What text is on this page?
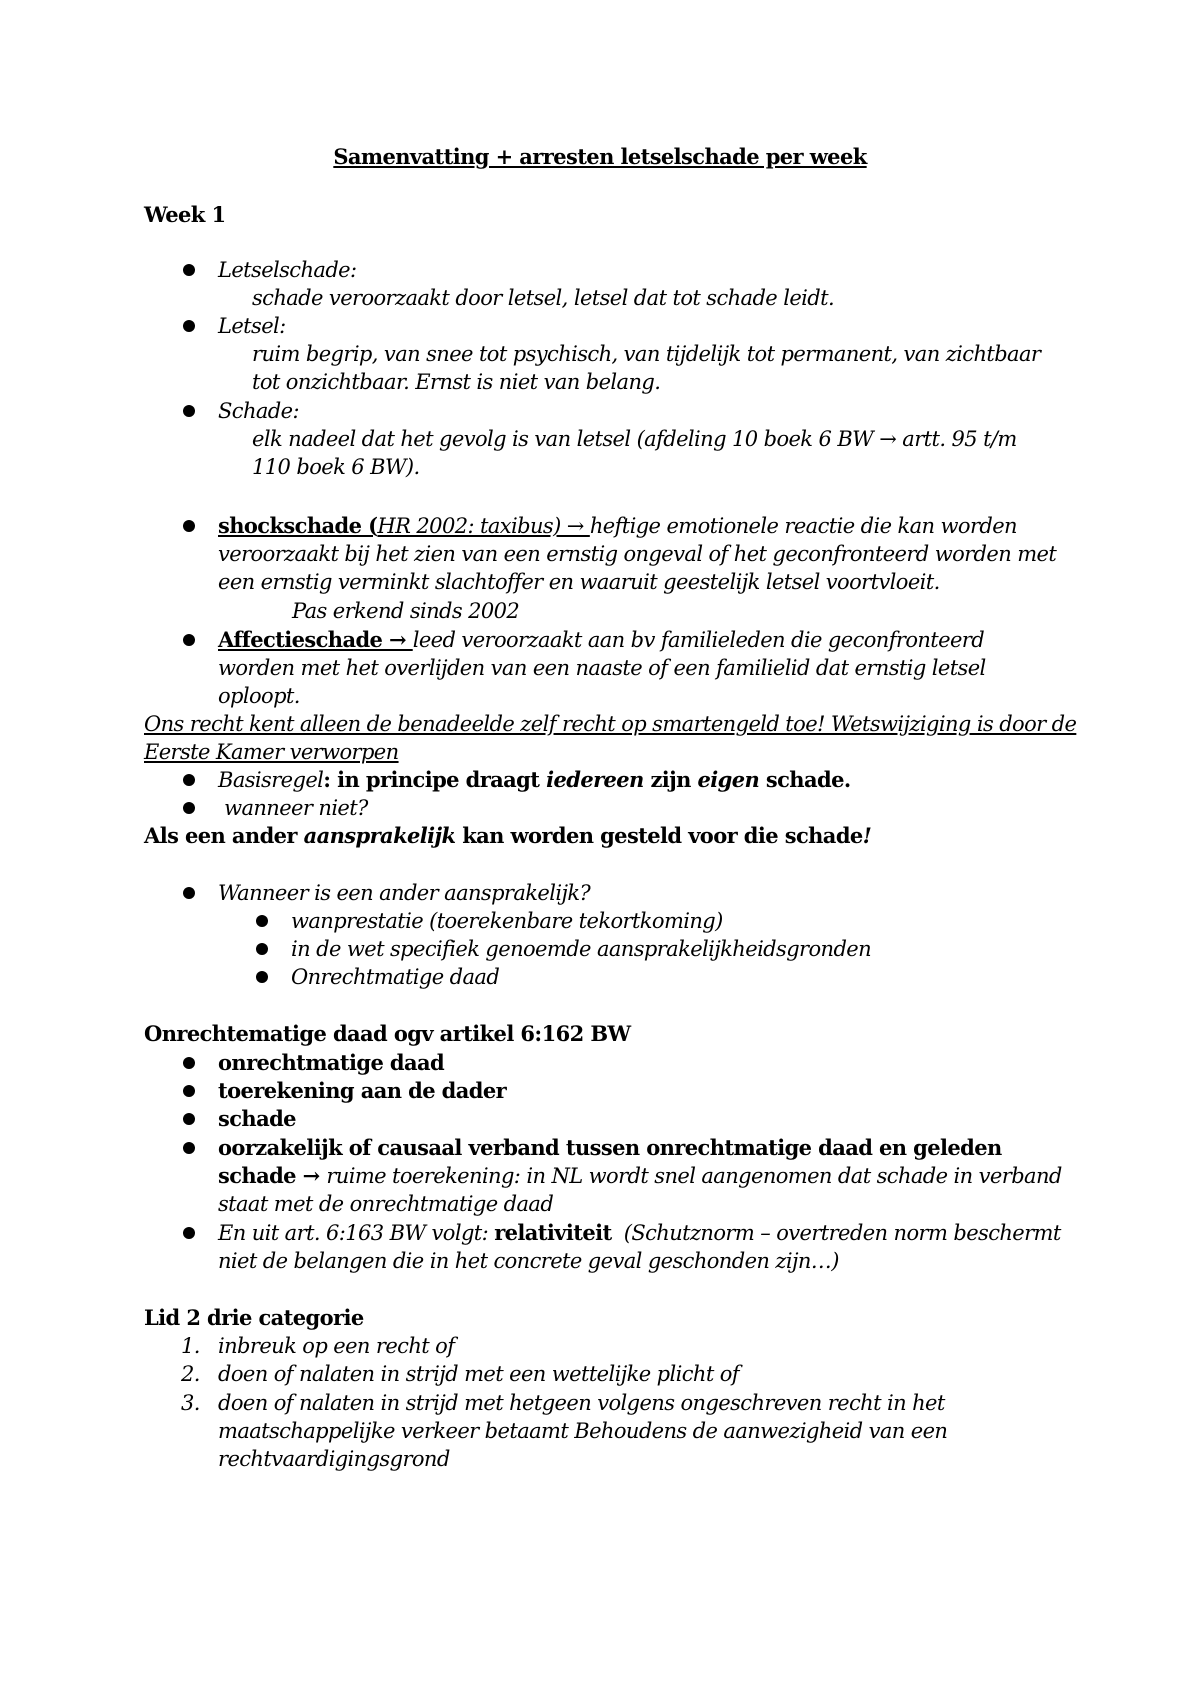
Samenvatting + arresten letselschade per week
Week 1
Letselschade:
schade veroorzaakt door letsel, letsel dat tot schade leidt.
Letsel:
ruim begrip, van snee tot psychisch, van tijdelijk tot permanent, van zichtbaar
tot onzichtbaar. Ernst is niet van belang.
Schade:
elk nadeel dat het gevolg is van letsel (afdeling 10 boek 6 BW → artt. 95 t/m
110 boek 6 BW).
shockschade (HR 2002: taxibus) → heftige emotionele reactie die kan worden
veroorzaakt bij het zien van een ernstig ongeval of het geconfronteerd worden met
een ernstig verminkt slachtoffer en waaruit geestelijk letsel voortvloeit.
Pas erkend sinds 2002
Affectieschade → leed veroorzaakt aan bv familieleden die geconfronteerd
worden met het overlijden van een naaste of een familielid dat ernstig letsel
oploopt.
Ons recht kent alleen de benadeelde zelf recht op smartengeld toe! Wetswijziging is door de
Eerste Kamer verworpen
Basisregel: in principe draagt iedereen zijn eigen schade.
wanneer niet?
Als een ander aansprakelijk kan worden gesteld voor die schade!
Wanneer is een ander aansprakelijk?
wanprestatie (toerekenbare tekortkoming)
in de wet specifiek genoemde aansprakelijkheidsgronden
Onrechtmatige daad
Onrechtematige daad ogv artikel 6:162 BW
onrechtmatige daad
toerekening aan de dader
schade
oorzakelijk of causaal verband tussen onrechtmatige daad en geleden
schade → ruime toerekening: in NL wordt snel aangenomen dat schade in verband
staat met de onrechtmatige daad
En uit art. 6:163 BW volgt: relativiteit  (Schutznorm – overtreden norm beschermt
niet de belangen die in het concrete geval geschonden zijn…)
Lid 2 drie categorie
1. inbreuk op een recht of
2. doen of nalaten in strijd met een wettelijke plicht of
3. doen of nalaten in strijd met hetgeen volgens ongeschreven recht in het
maatschappelijke verkeer betaamt Behoudens de aanwezigheid van een
rechtvaardigingsgrond
